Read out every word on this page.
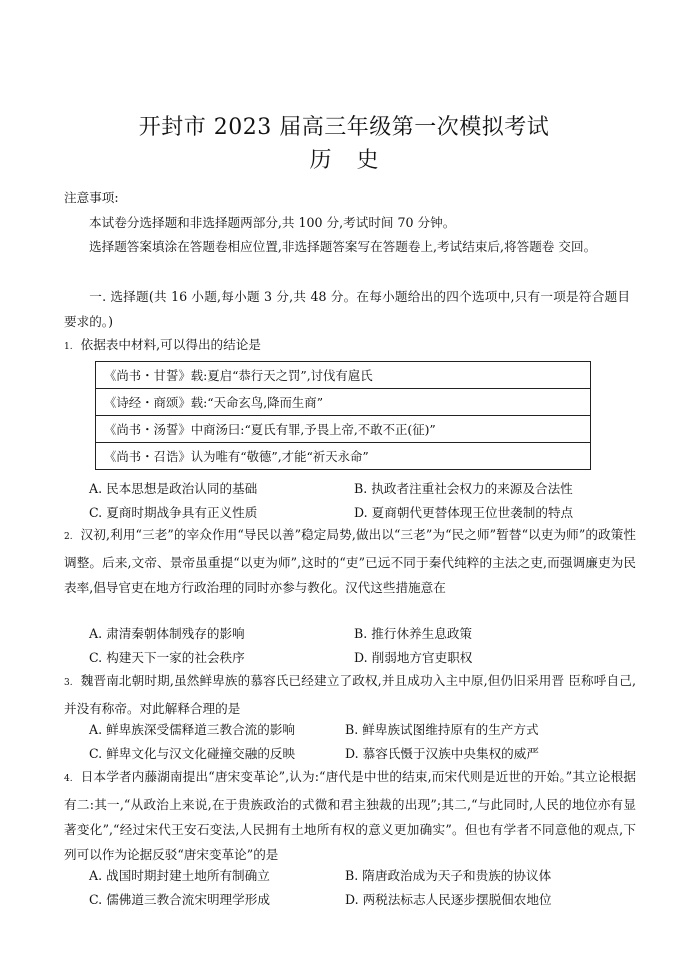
开封市 2023 届高三年级第一次模拟考试
历 史
注意事项:
本试卷分选择题和非选择题两部分,共 100 分,考试时间 70 分钟。
选择题答案填涂在答题卷相应位置,非选择题答案写在答题卷上,考试结束后,将答题卷 交回。
一. 选择题(共 16 小题,每小题 3 分,共 48 分。在每小题给出的四个选项中,只有一项是符合题目要求的。)
1. 依据表中材料,可以得出的结论是
《尚书・甘誓》载:夏启“恭行天之罚”,讨伐有扈氏
《诗经・商颂》载:“天命玄鸟,降而生商”
《尚书・汤誓》中商汤曰:“夏氏有罪,予畏上帝,不敢不正(征)”
《尚书・召诰》认为唯有“敬德”,才能“祈天永命”
A. 民本思想是政治认同的基础	B. 执政者注重社会权力的来源及合法性
C. 夏商时期战争具有正义性质	D. 夏商朝代更替体现王位世袭制的特点
2. 汉初,利用“三老”的宰众作用“导民以善”稳定局势,做出以“三老”为“民之师”暂替“以吏为师”的政策性调整。后来,文帝、景帝虽重提“以吏为师”,这时的“吏”已远不同于秦代纯粹的主法之吏,而强调廉吏为民表率,倡导官吏在地方行政治理的同时亦参与教化。汉代这些措施意在
A. 肃清秦朝体制残存的影响	B. 推行休养生息政策
C. 构建天下一家的社会秩序	D. 削弱地方官吏职权
3. 魏晋南北朝时期,虽然鲜卑族的慕容氏已经建立了政权,并且成功入主中原,但仍旧采用晋 臣称呼自己,并没有称帝。对此解释合理的是
A. 鲜卑族深受儒释道三教合流的影响	B. 鲜卑族试图维持原有的生产方式
C. 鲜卑文化与汉文化碰撞交融的反映	D. 慕容氏慑于汉族中央集权的威严
4. 日本学者内藤湖南提出“唐宋变革论”,认为:“唐代是中世的结束,而宋代则是近世的开始。”其立论根据有二:其一,“从政治上来说,在于贵族政治的式微和君主独裁的出现”;其二,“与此同时,人民的地位亦有显著变化”,“经过宋代王安石变法,人民拥有土地所有权的意义更加确实”。但也有学者不同意他的观点,下列可以作为论据反驳“唐宋变革论”的是
A. 战国时期封建土地所有制确立	B. 隋唐政治成为天子和贵族的协议体
C. 儒佛道三教合流宋明理学形成	D. 两税法标志人民逐步摆脱佃农地位
